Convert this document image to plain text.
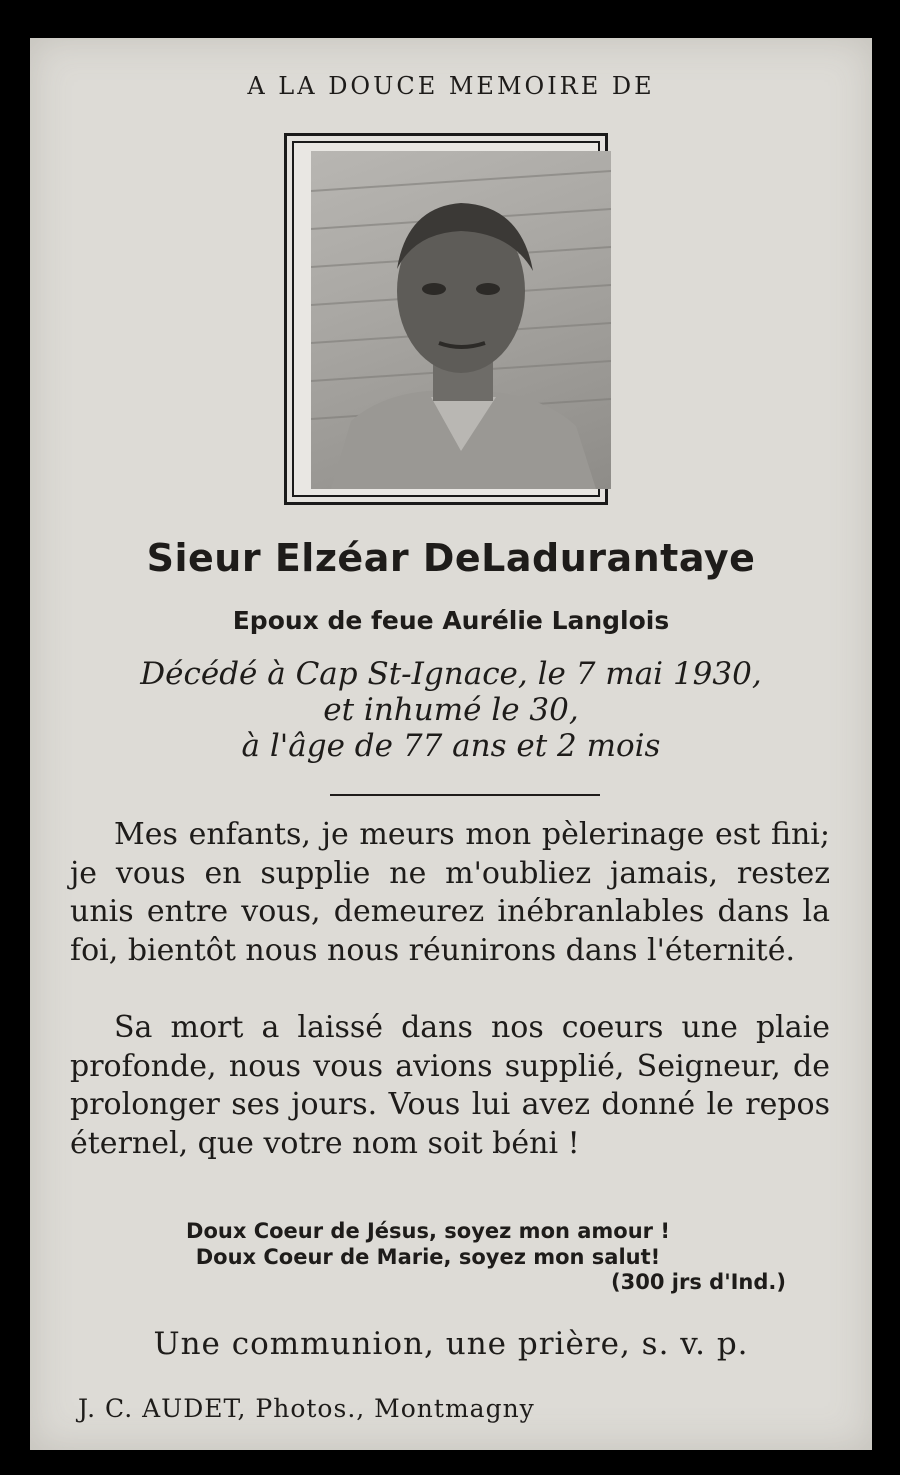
A LA DOUCE MEMOIRE DE

Sieur Elzéar DeLadurantaye

Epoux de feue Aurélie Langlois

Décédé à Cap St-Ignace, le 7 mai 1930,
et inhumé le 30,
à l'âge de 77 ans et 2 mois

Mes enfants, je meurs mon pèlerinage est fini; je vous en supplie ne m'oubliez jamais, restez unis entre vous, demeurez inébranlables dans la foi, bientôt nous nous réunirons dans l'éternité.

Sa mort a laissé dans nos coeurs une plaie profonde, nous vous avions supplié, Seigneur, de prolonger ses jours. Vous lui avez donné le repos éternel, que votre nom soit béni !

Doux Coeur de Jésus, soyez mon amour !
Doux Coeur de Marie, soyez mon salut!

(300 jrs d'Ind.)

Une communion, une prière, s. v. p.

J. C. AUDET, Photos., Montmagny
